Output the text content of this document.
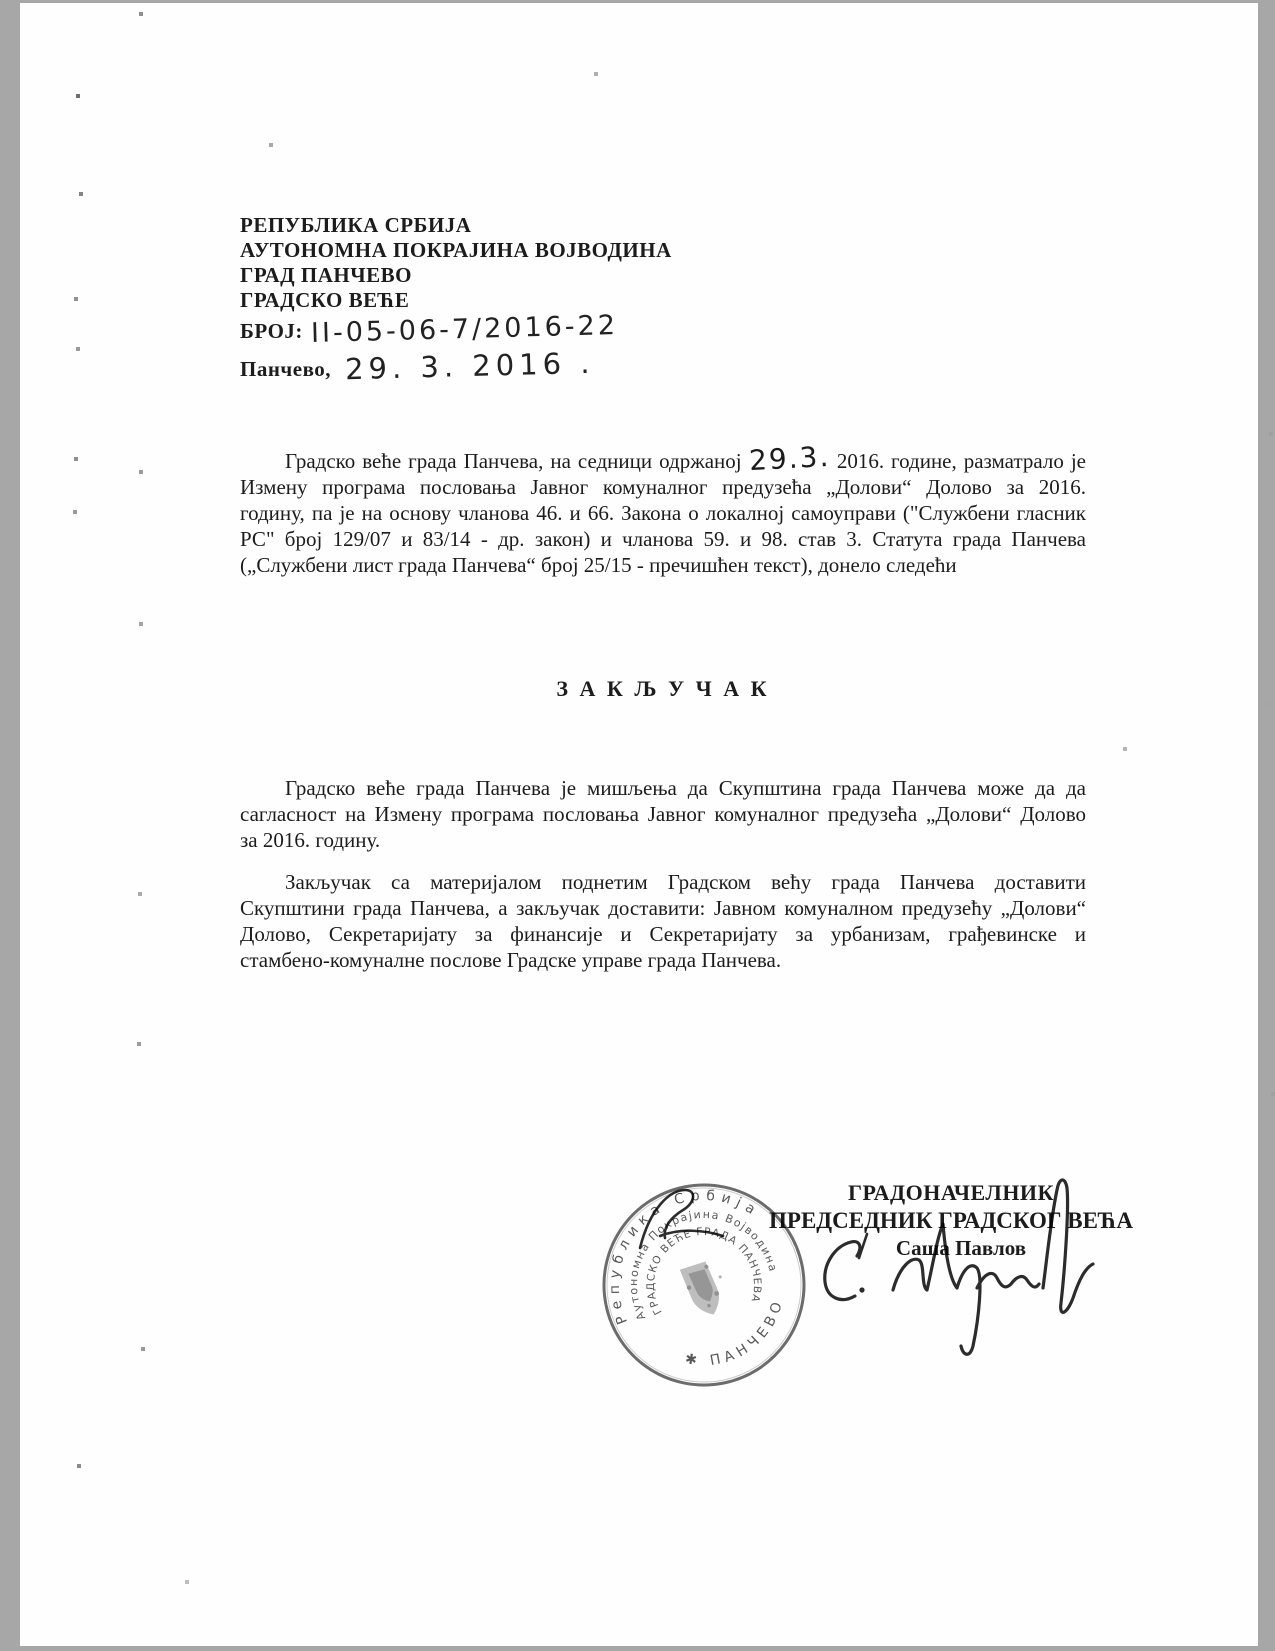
РЕПУБЛИКА СРБИЈА
АУТОНОМНА ПОКРАЈИНА ВОЈВОДИНА
ГРАД ПАНЧЕВО
ГРАДСКО ВЕЋЕ
БРОЈ: II-05-06-7/2016-22
Панчево, 29. 3. 2016 .
Градско веће града Панчева, на седници одржаној 29.3. 2016. године, разматрало је
Измену програма пословања Јавног комуналног предузећа „Долови“ Долово за 2016.
годину, па је на основу чланова 46. и 66. Закона о локалној самоуправи ("Службени гласник
РС" број 129/07 и 83/14 - др. закон) и чланова 59. и 98. став 3. Статута града Панчева
(„Службени лист града Панчева“ број 25/15 - пречишћен текст), донело следећи
З А К Љ У Ч А К
Градско веће града Панчева је мишљења да Скупштина града Панчева може да да
сагласност на Измену програма пословања Јавног комуналног предузећа „Долови“ Долово
за 2016. годину.
Закључак са материјалом поднетим Градском већу града Панчева доставити
Скупштини града Панчева, а закључак доставити: Јавном комуналном предузећу „Долови“
Долово, Секретаријату за финансије и Секретаријату за урбанизам, грађевинске и
стамбено-комуналне послове Градске управе града Панчева.
ГРАДОНАЧЕЛНИК
ПРЕДСЕДНИК ГРАДСКОГ ВЕЋА
Саша Павлов
Република Србија
Аутономна Покрајина Војводина
ГРАДСКО ВЕЋЕ ГРАДА ПАНЧЕВА
✱ ПАНЧЕВО
